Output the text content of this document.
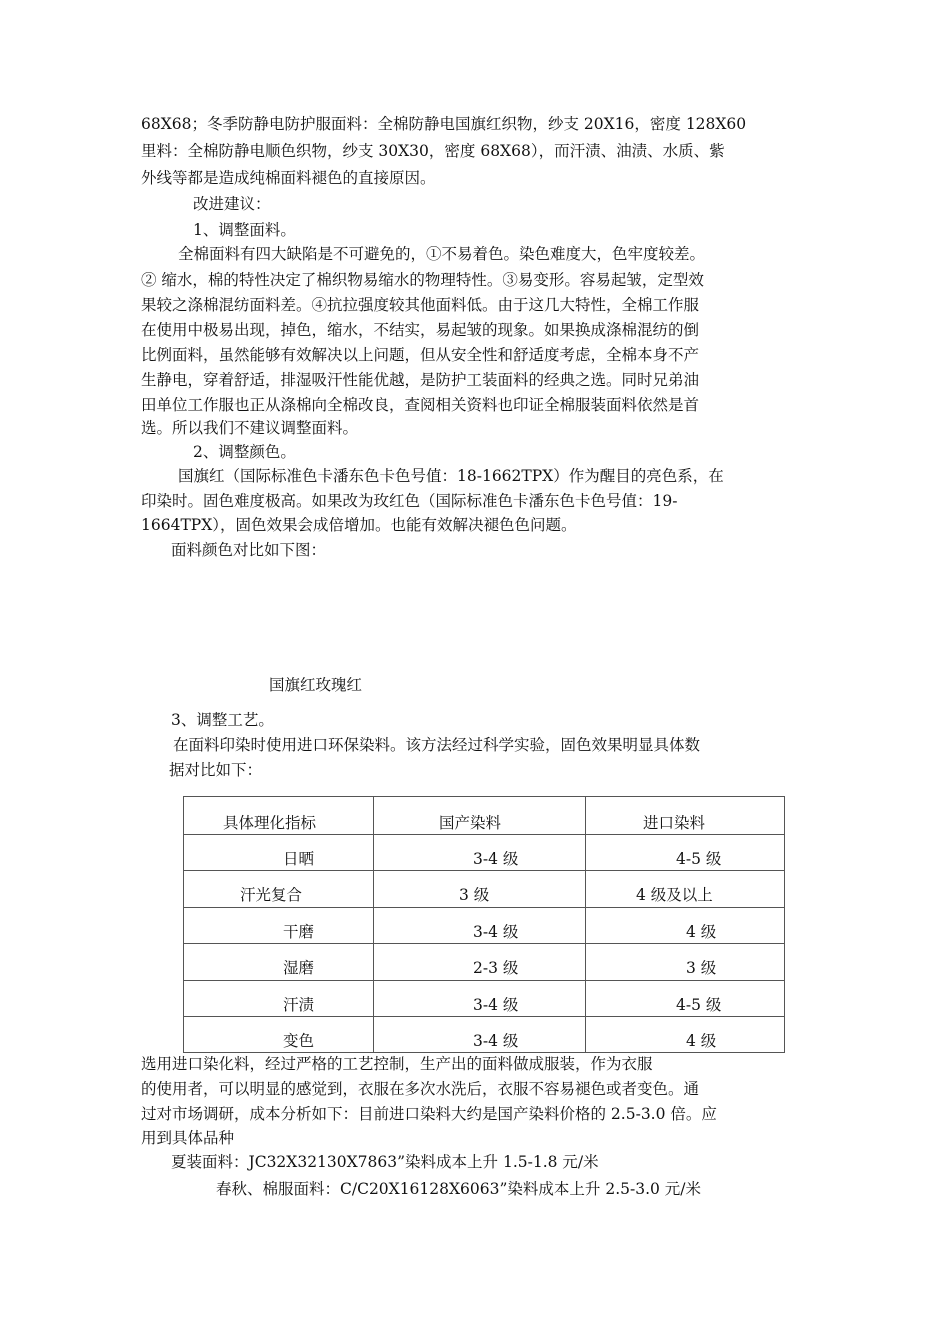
68X68；冬季防静电防护服面料：全棉防静电国旗红织物，纱支 20X16，密度 128X60
里料：全棉防静电顺色织物，纱支 30X30，密度 68X68），而汗渍、油渍、水质、紫
外线等都是造成纯棉面料褪色的直接原因。
改进建议：
1、调整面料。
全棉面料有四大缺陷是不可避免的，①不易着色。染色难度大，色牢度较差。
② 缩水，棉的特性决定了棉织物易缩水的物理特性。③易变形。容易起皱，定型效
果较之涤棉混纺面料差。④抗拉强度较其他面料低。由于这几大特性，全棉工作服
在使用中极易出现，掉色，缩水，不结实，易起皱的现象。如果换成涤棉混纺的倒
比例面料，虽然能够有效解决以上问题，但从安全性和舒适度考虑，全棉本身不产
生静电，穿着舒适，排湿吸汗性能优越，是防护工装面料的经典之选。同时兄弟油
田单位工作服也正从涤棉向全棉改良，查阅相关资料也印证全棉服装面料依然是首
选。所以我们不建议调整面料。
2、调整颜色。
国旗红（国际标准色卡潘东色卡色号值：18-1662TPX）作为醒目的亮色系，在
印染时。固色难度极高。如果改为玫红色（国际标准色卡潘东色卡色号值：19-
1664TPX），固色效果会成倍增加。也能有效解决褪色色问题。
面料颜色对比如下图：
国旗红玫瑰红
3、调整工艺。
在面料印染时使用进口环保染料。该方法经过科学实验，固色效果明显具体数
据对比如下：
具体理化指标	国产染料	进口染料
日晒	3-4 级	4-5 级
汗光复合	3 级	4 级及以上
干磨	3-4 级	4 级
湿磨	2-3 级	3 级
汗渍	3-4 级	4-5 级
变色	3-4 级	4 级
选用进口染化料，经过严格的工艺控制，生产出的面料做成服装，作为衣服
的使用者，可以明显的感觉到，衣服在多次水洗后，衣服不容易褪色或者变色。通
过对市场调研，成本分析如下：目前进口染料大约是国产染料价格的 2.5-3.0 倍。应
用到具体品种
夏装面料：JC32X32130X7863”染料成本上升 1.5-1.8 元/米
春秋、棉服面料：C/C20X16128X6063”染料成本上升 2.5-3.0 元/米
